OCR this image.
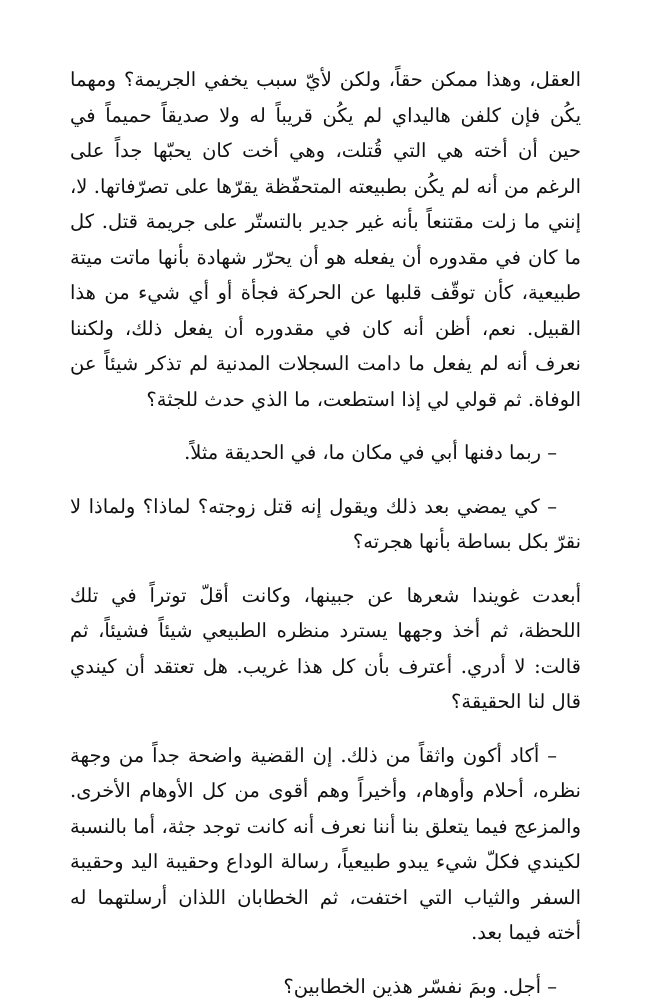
العقل، وهذا ممكن حقاً، ولكن لأيّ سبب يخفي الجريمة؟ ومهما يكُن فإن كلفن هاليداي لم يكُن قريباً له ولا صديقاً حميماً في حين أن أخته هي التي قُتلت، وهي أخت كان يحبّها جداً على الرغم من أنه لم يكُن بطبيعته المتحفّظة يقرّها على تصرّفاتها. لا، إنني ما زلت مقتنعاً بأنه غير جدير بالتستّر على جريمة قتل. كل ما كان في مقدوره أن يفعله هو أن يحرّر شهادة بأنها ماتت ميتة طبيعية، كأن توقّف قلبها عن الحركة فجأة أو أي شيء من هذا القبيل. نعم، أظن أنه كان في مقدوره أن يفعل ذلك، ولكننا نعرف أنه لم يفعل ما دامت السجلات المدنية لم تذكر شيئاً عن الوفاة. ثم قولي لي إذا استطعت، ما الذي حدث للجثة؟

– ربما دفنها أبي في مكان ما، في الحديقة مثلاً.

– كي يمضي بعد ذلك ويقول إنه قتل زوجته؟ لماذا؟ ولماذا لا نقرّ بكل بساطة بأنها هجرته؟

أبعدت غويندا شعرها عن جبينها، وكانت أقلّ توتراً في تلك اللحظة، ثم أخذ وجهها يسترد منظره الطبيعي شيئاً فشيئاً، ثم قالت: لا أدري. أعترف بأن كل هذا غريب. هل تعتقد أن كيندي قال لنا الحقيقة؟

– أكاد أكون واثقاً من ذلك. إن القضية واضحة جداً من وجهة نظره، أحلام وأوهام، وأخيراً وهم أقوى من كل الأوهام الأخرى. والمزعج فيما يتعلق بنا أننا نعرف أنه كانت توجد جثة، أما بالنسبة لكيندي فكلّ شيء يبدو طبيعياً، رسالة الوداع وحقيبة اليد وحقيبة السفر والثياب التي اختفت، ثم الخطابان اللذان أرسلتهما له أخته فيما بعد.

– أجل. وبمَ نفسّر هذين الخطابين؟
